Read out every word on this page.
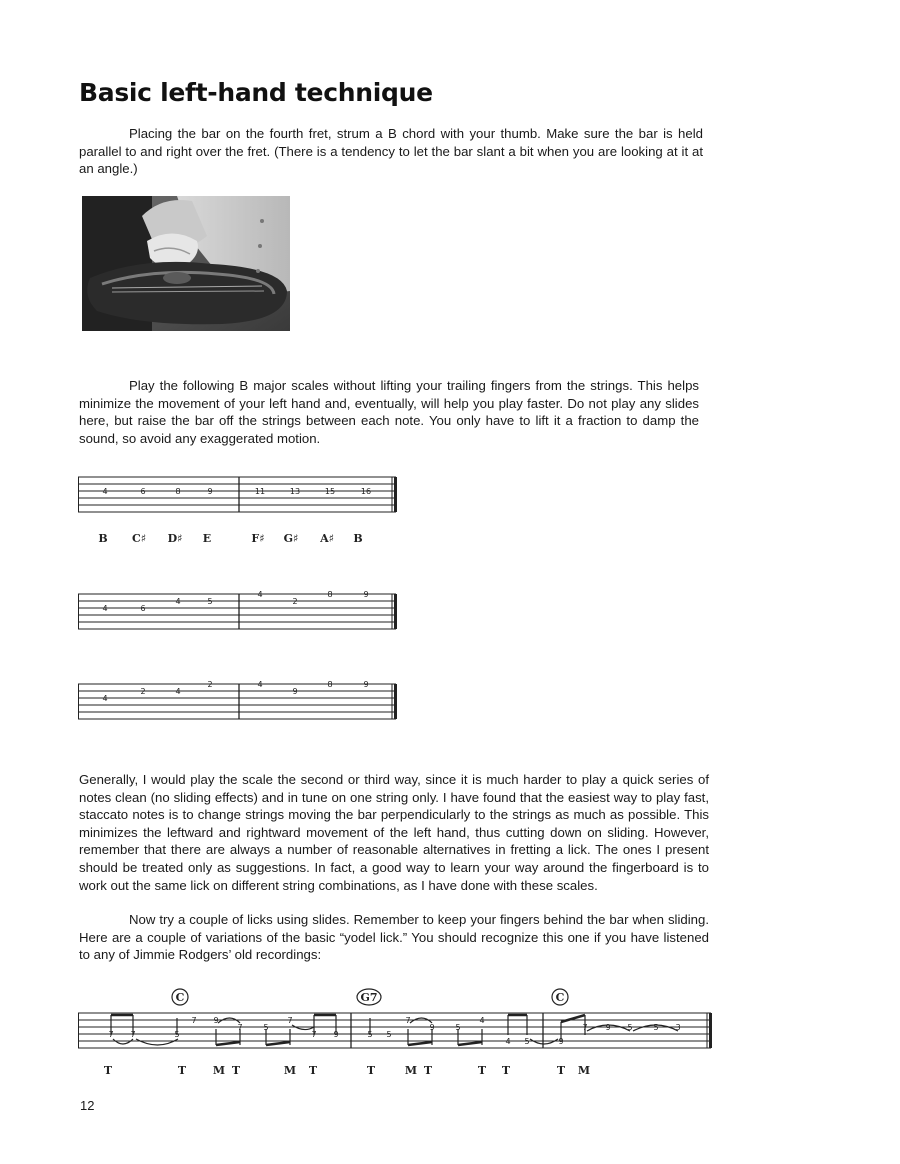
Basic left-hand technique

Placing the bar on the fourth fret, strum a B chord with your thumb. Make sure the bar is held parallel to and right over the fret. (There is a tendency to let the bar slant a bit when you are looking at it at an angle.)

Play the following B major scales without lifting your trailing fingers from the strings. This helps minimize the movement of your left hand and, eventually, will help you play faster. Do not play any slides here, but raise the bar off the strings between each note. You only have to lift it a fraction to damp the sound, so avoid any exaggerated motion.

4	6	8	9	11	13	15	16
B C♯ D♯ E	F♯ G♯ A♯ B
4	6
4	5
4
2
8	9
4
2	4
2	4
9
8	9

Generally, I would play the scale the second or third way, since it is much harder to play a quick series of notes clean (no sliding effects) and in tune on one string only. I have found that the easiest way to play fast, staccato notes is to change strings moving the bar perpendicularly to the strings as much as possible. This minimizes the leftward and rightward movement of the left hand, thus cutting down on sliding. However, remember that there are always a number of reasonable alternatives in fretting a lick. The ones I present should be treated only as suggestions. In fact, a good way to learn your way around the fingerboard is to work out the same lick on different string combinations, as I have done with these scales.

Now try a couple of licks using slides. Remember to keep your fingers behind the bar when sliding. Here are a couple of variations of the basic “yodel lick.” You should recognize this one if you have listened to any of Jimmie Rodgers’ old recordings:

C	G7	C
7 7	5
9
7	5
7
7 9	5
7
9	5
4
4 5	9
7 9 5	5 3
5
7
T	T M T	M T	T	M T	T T	T M
12
